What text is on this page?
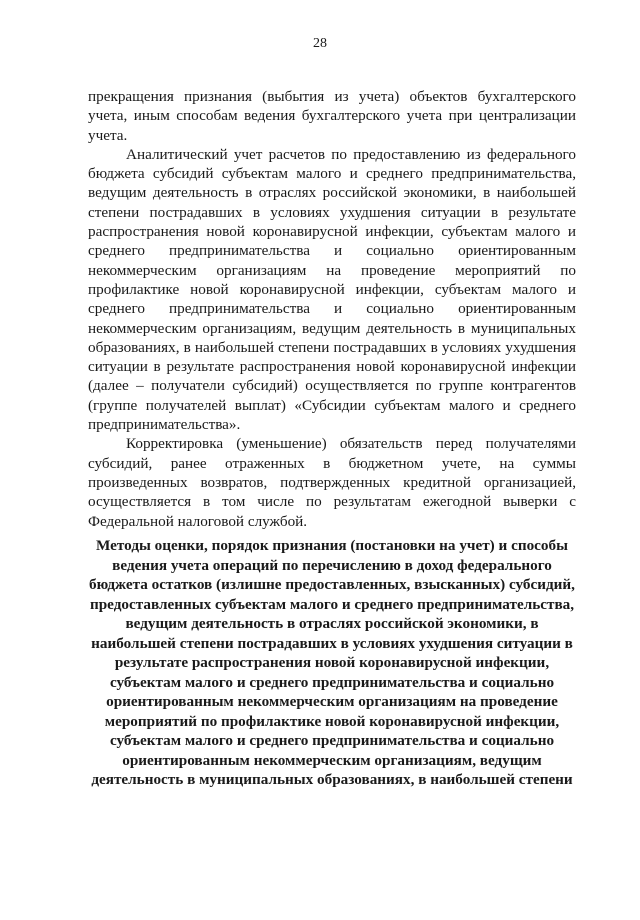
28

прекращения признания (выбытия из учета) объектов бухгалтерского учета, иным способам ведения бухгалтерского учета при централизации учета.

Аналитический учет расчетов по предоставлению из федерального бюджета субсидий субъектам малого и среднего предпринимательства, ведущим деятельность в отраслях российской экономики, в наибольшей степени пострадавших в условиях ухудшения ситуации в результате распространения новой коронавирусной инфекции, субъектам малого и среднего предпринимательства и социально ориентированным некоммерческим организациям на проведение мероприятий по профилактике новой коронавирусной инфекции, субъектам малого и среднего предпринимательства и социально ориентированным некоммерческим организациям, ведущим деятельность в муниципальных образованиях, в наибольшей степени пострадавших в условиях ухудшения ситуации в результате распространения новой коронавирусной инфекции (далее – получатели субсидий) осуществляется по группе контрагентов (группе получателей выплат) «Субсидии субъектам малого и среднего предпринимательства».

Корректировка (уменьшение) обязательств перед получателями субсидий, ранее отраженных в бюджетном учете, на суммы произведенных возвратов, подтвержденных кредитной организацией, осуществляется в том числе по результатам ежегодной выверки с Федеральной налоговой службой.

Методы оценки, порядок признания (постановки на учет) и способы ведения учета операций по перечислению в доход федерального бюджета остатков (излишне предоставленных, взысканных) субсидий, предоставленных субъектам малого и среднего предпринимательства, ведущим деятельность в отраслях российской экономики, в наибольшей степени пострадавших в условиях ухудшения ситуации в результате распространения новой коронавирусной инфекции, субъектам малого и среднего предпринимательства и социально ориентированным некоммерческим организациям на проведение мероприятий по профилактике новой коронавирусной инфекции, субъектам малого и среднего предпринимательства и социально ориентированным некоммерческим организациям, ведущим деятельность в муниципальных образованиях, в наибольшей степени
